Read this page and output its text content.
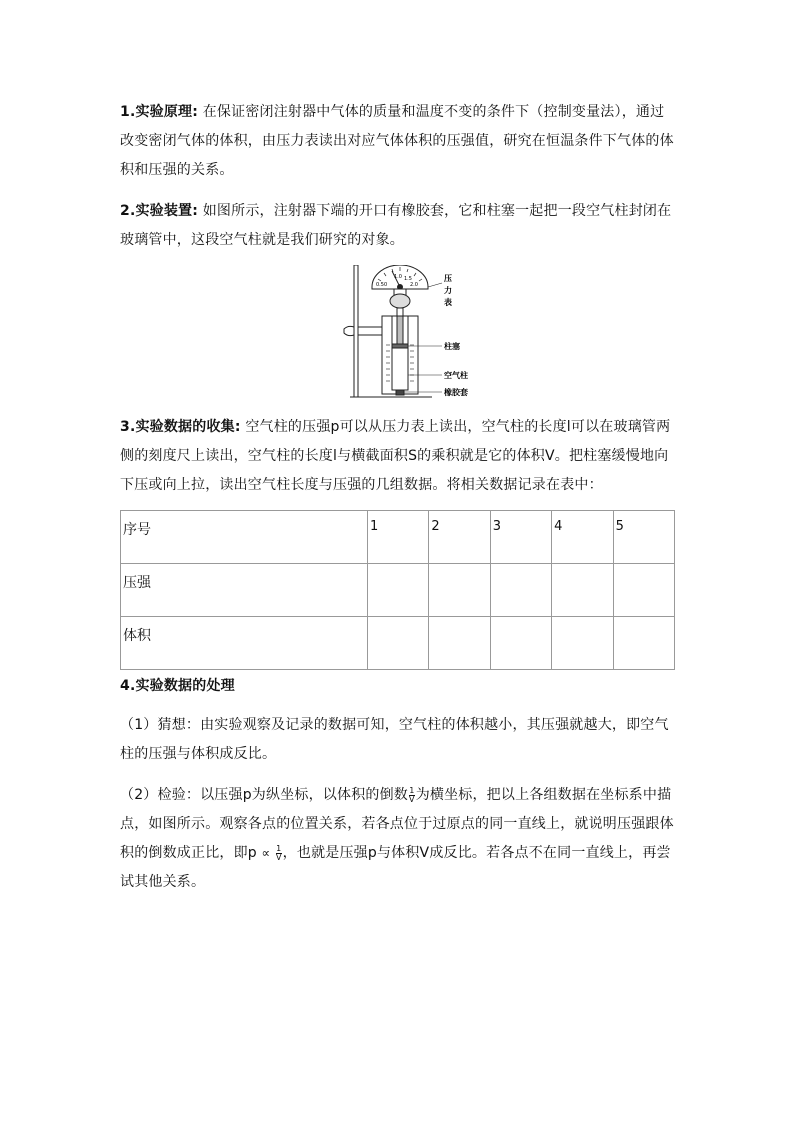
1.实验原理: 在保证密闭注射器中气体的质量和温度不变的条件下（控制变量法），通过改变密闭气体的体积，由压力表读出对应气体体积的压强值，研究在恒温条件下气体的体积和压强的关系。

2.实验装置: 如图所示，注射器下端的开口有橡胶套，它和柱塞一起把一段空气柱封闭在玻璃管中，这段空气柱就是我们研究的对象。

1.0 1.5
2.0
0.5 0
压
力
表
柱塞
空气柱
橡胶套

3.实验数据的收集: 空气柱的压强p可以从压力表上读出，空气柱的长度l可以在玻璃管两侧的刻度尺上读出，空气柱的长度l与横截面积S的乘积就是它的体积V。把柱塞缓慢地向下压或向上拉，读出空气柱长度与压强的几组数据。将相关数据记录在表中：

序号	1	2	3	4	5
压强					
体积					

4.实验数据的处理

（1）猜想：由实验观察及记录的数据可知，空气柱的体积越小，其压强就越大，即空气柱的压强与体积成反比。

（2）检验：以压强p为纵坐标，以体积的倒数 $\frac{1}{V}$ 为横坐标，把以上各组数据在坐标系中描点，如图所示。观察各点的位置关系，若各点位于过原点的同一直线上，就说明压强跟体积的倒数成正比，即$p \propto \frac{1}{V}$ ，也就是压强p与体积V成反比。若各点不在同一直线上，再尝试其他关系。
